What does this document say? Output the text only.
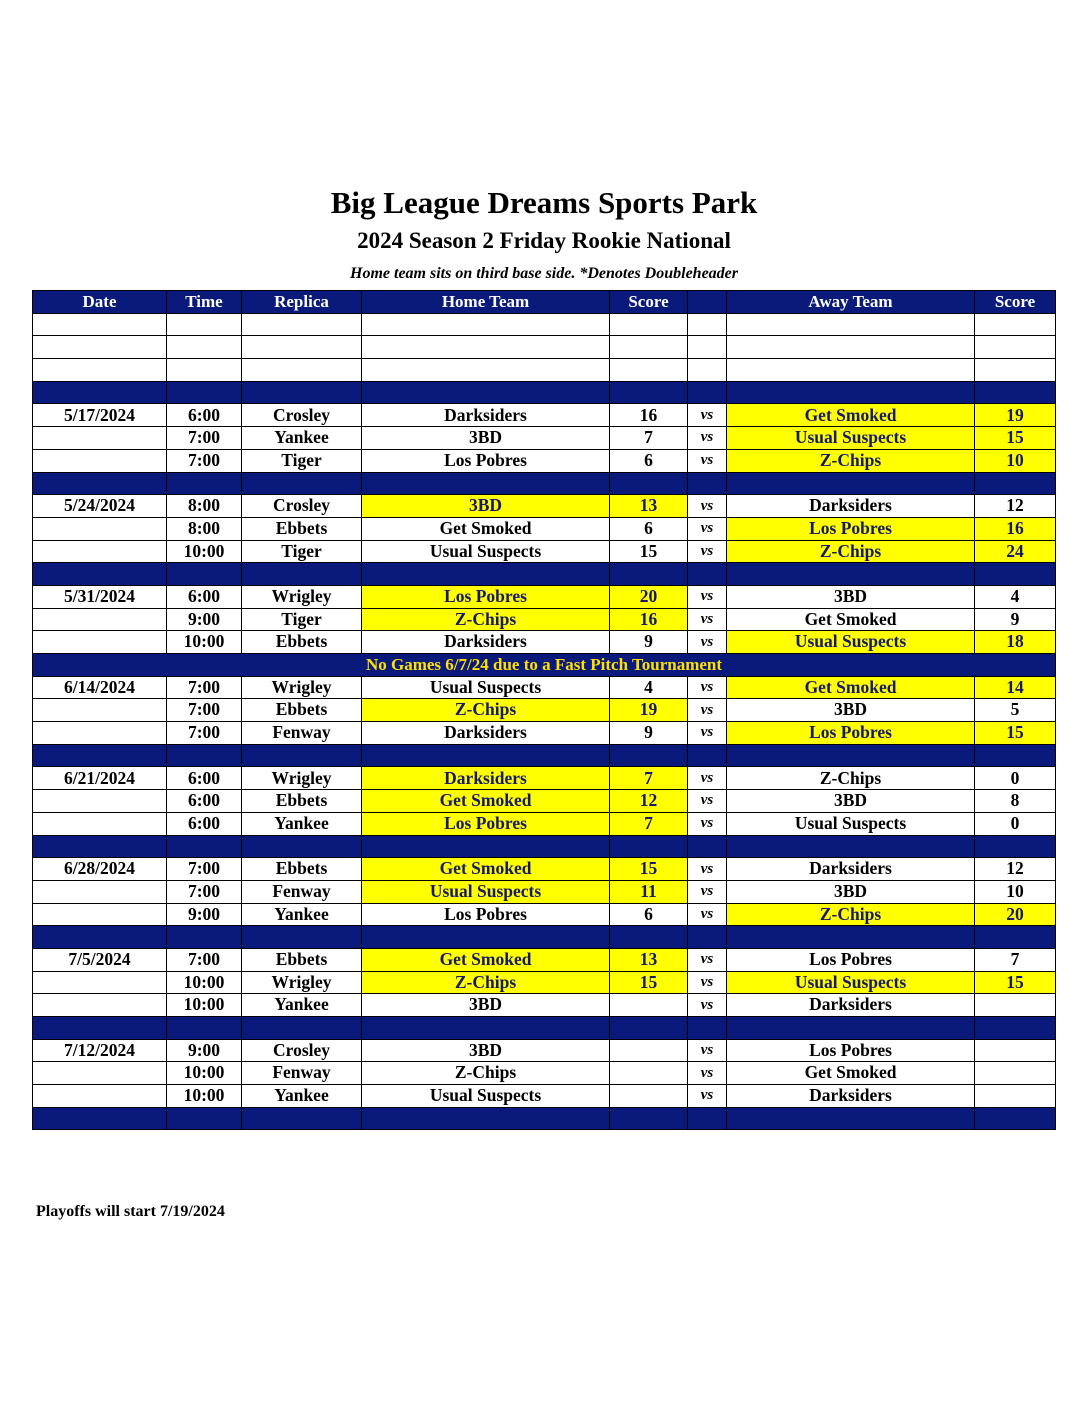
Big League Dreams Sports Park
2024 Season 2 Friday Rookie National
Home team sits on third base side. *Denotes Doubleheader
Date	Time	Replica	Home Team	Score		Away Team	Score

5/17/2024	6:00	Crosley	Darksiders	16	vs	Get Smoked	19
	7:00	Yankee	3BD	7	vs	Usual Suspects	15
	7:00	Tiger	Los Pobres	6	vs	Z-Chips	10

5/24/2024	8:00	Crosley	3BD	13	vs	Darksiders	12
	8:00	Ebbets	Get Smoked	6	vs	Los Pobres	16
	10:00	Tiger	Usual Suspects	15	vs	Z-Chips	24

5/31/2024	6:00	Wrigley	Los Pobres	20	vs	3BD	4
	9:00	Tiger	Z-Chips	16	vs	Get Smoked	9
	10:00	Ebbets	Darksiders	9	vs	Usual Suspects	18
No Games 6/7/24 due to a Fast Pitch Tournament							
6/14/2024	7:00	Wrigley	Usual Suspects	4	vs	Get Smoked	14
	7:00	Ebbets	Z-Chips	19	vs	3BD	5
	7:00	Fenway	Darksiders	9	vs	Los Pobres	15

6/21/2024	6:00	Wrigley	Darksiders	7	vs	Z-Chips	0
	6:00	Ebbets	Get Smoked	12	vs	3BD	8
	6:00	Yankee	Los Pobres	7	vs	Usual Suspects	0

6/28/2024	7:00	Ebbets	Get Smoked	15	vs	Darksiders	12
	7:00	Fenway	Usual Suspects	11	vs	3BD	10
	9:00	Yankee	Los Pobres	6	vs	Z-Chips	20

7/5/2024	7:00	Ebbets	Get Smoked	13	vs	Los Pobres	7
	10:00	Wrigley	Z-Chips	15	vs	Usual Suspects	15
	10:00	Yankee	3BD		vs	Darksiders	

7/12/2024	9:00	Crosley	3BD		vs	Los Pobres	
	10:00	Fenway	Z-Chips		vs	Get Smoked	
	10:00	Yankee	Usual Suspects		vs	Darksiders	

Playoffs will start 7/19/2024
